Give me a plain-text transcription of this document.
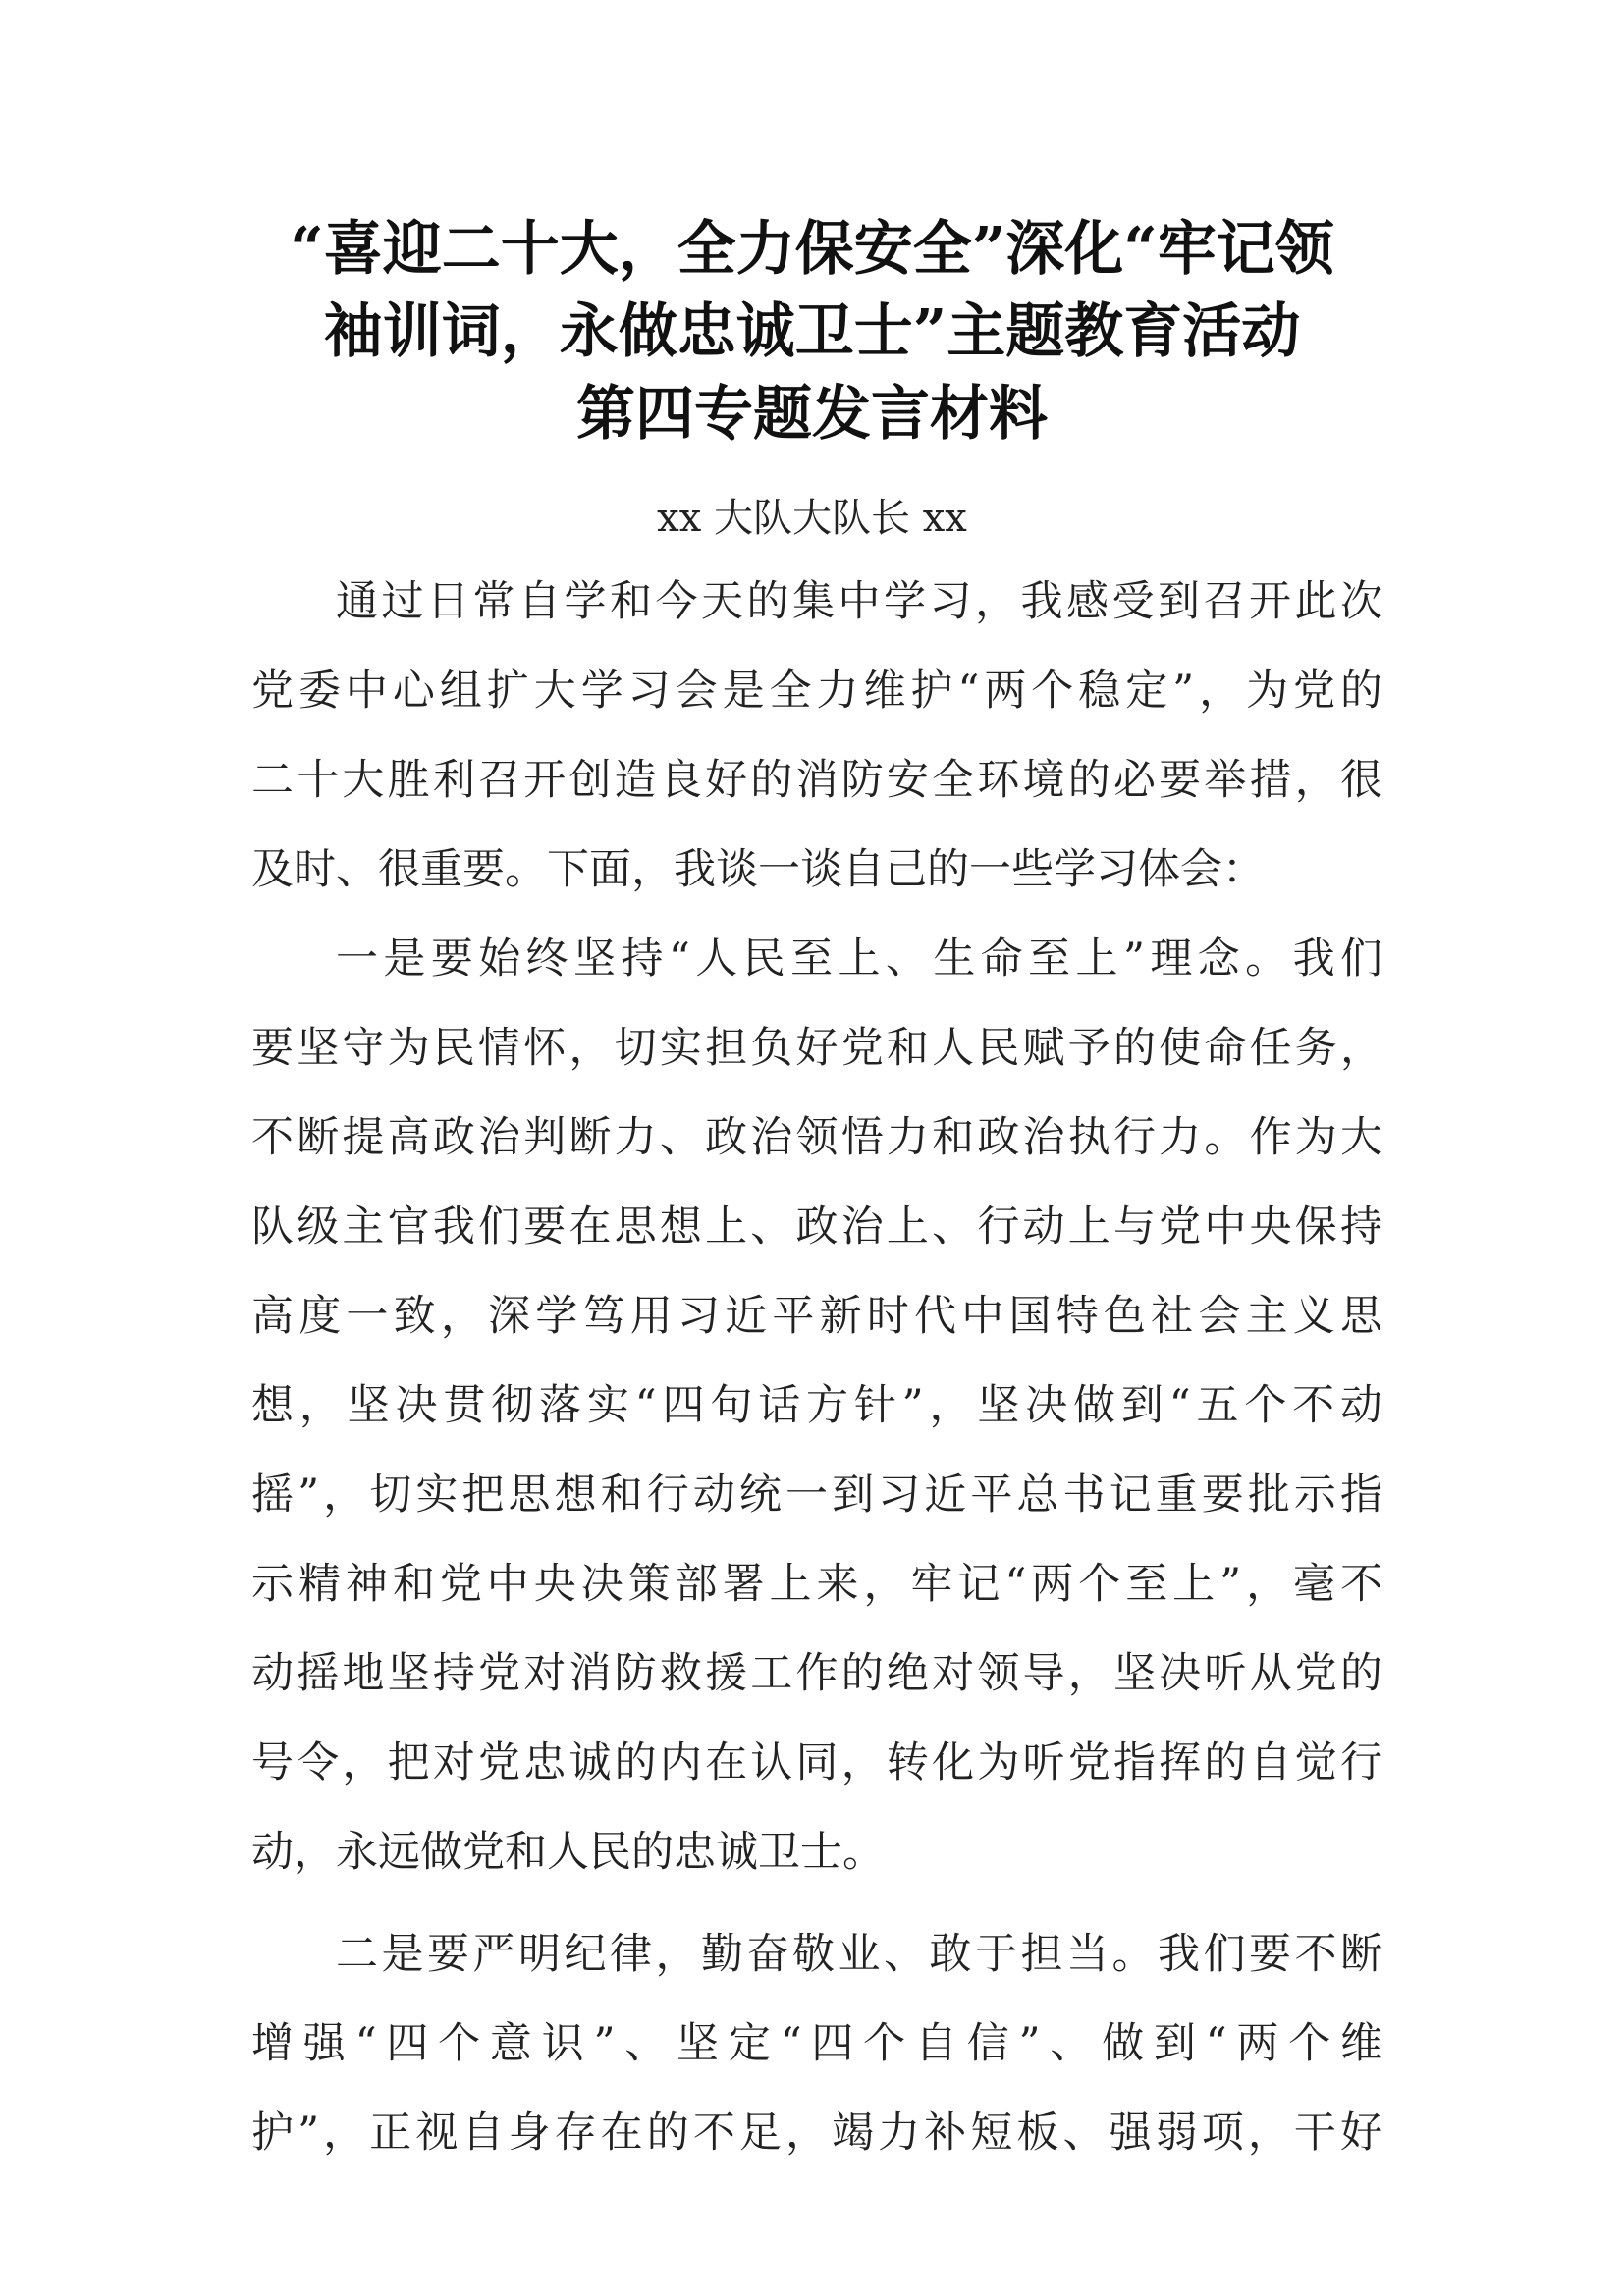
“喜迎二十大，全力保安全”深化“牢记领
袖训词，永做忠诚卫士”主题教育活动
第四专题发言材料
xx 大队大队长 xx
通过日常自学和今天的集中学习，我感受到召开此次
党委中心组扩大学习会是全力维护“两个稳定”，为党的
二十大胜利召开创造良好的消防安全环境的必要举措，很
及时、很重要。下面，我谈一谈自己的一些学习体会：
一是要始终坚持“人民至上、生命至上”理念。我们
要坚守为民情怀，切实担负好党和人民赋予的使命任务，
不断提高政治判断力、政治领悟力和政治执行力。作为大
队级主官我们要在思想上、政治上、行动上与党中央保持
高度一致，深学笃用习近平新时代中国特色社会主义思
想，坚决贯彻落实“四句话方针”，坚决做到“五个不动
摇”，切实把思想和行动统一到习近平总书记重要批示指
示精神和党中央决策部署上来，牢记“两个至上”，毫不
动摇地坚持党对消防救援工作的绝对领导，坚决听从党的
号令，把对党忠诚的内在认同，转化为听党指挥的自觉行
动，永远做党和人民的忠诚卫士。
二是要严明纪律，勤奋敬业、敢于担当。我们要不断
增强“四个意识”、坚定“四个自信”、做到“两个维
护”，正视自身存在的不足，竭力补短板、强弱项，干好
